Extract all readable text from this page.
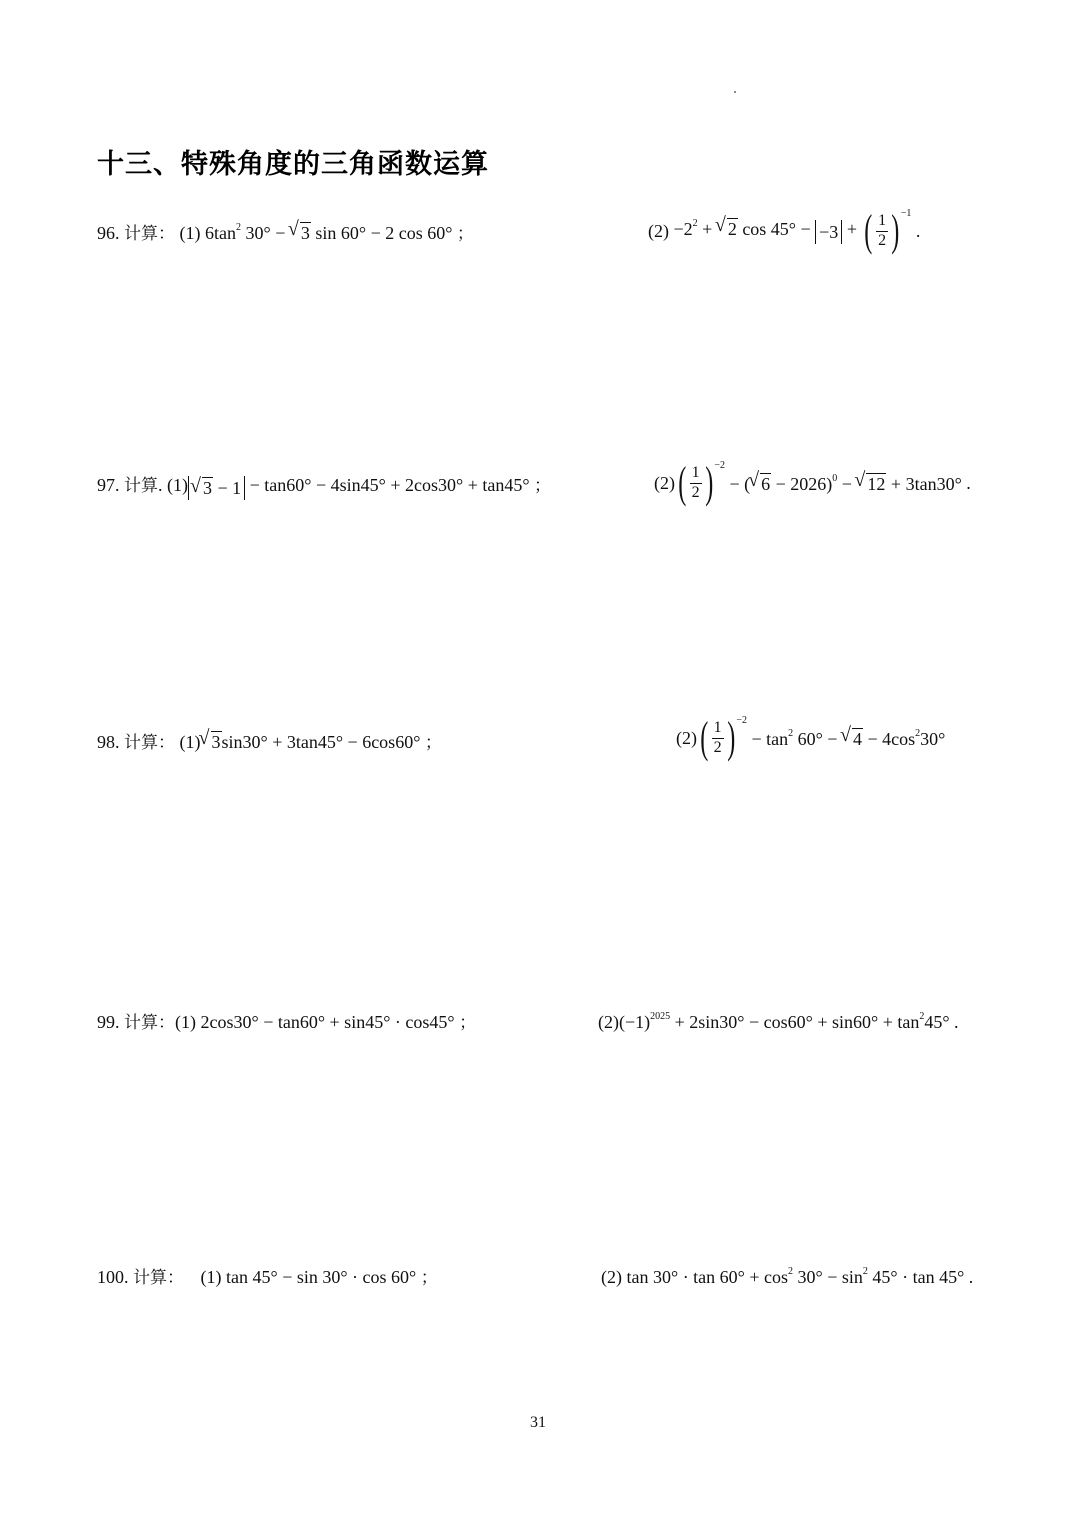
十三、特殊角度的三角函数运算
96. 计算： (1) $6\tan^2$ 30° − √ 3 sin 60° − 2 cos 60° ；	$(2) -2^2$ + √ 2 cos 45° − −3 + ( $\frac{1}{2}$ ) −1
.
97. 计算. (1) √ 3 − 1 − tan60° − 4sin45° + 2cos30° + tan45° ；	(2) ( $\frac{1}{2}$ ) −2
− ( √ 6 − 2026)$^0$ − √ 12 + 3tan30° .
98. 计算： (1) √ 3sin30° + 3tan45° − 6cos60° ；	(2) ( $\frac{1}{2}$ ) −2
− $\tan^2 60^\circ$ − √ $4 - 4\cos^230^\circ$
99. 计算：(1) 2cos30° − tan60° + sin45° · cos45° ；	$(2)(-1)^{2025} + 2\sin 30^\circ - \cos 60^\circ + \sin 60^\circ + \tan^245^\circ$ .
100. 计算： (1) tan 45° − sin 30° · cos 60° ；	(2) $\tan 30^\circ \cdot \tan 60^\circ + \cos^2 30^\circ - \sin^2 45^\circ \cdot \tan 45^\circ$ .
31
